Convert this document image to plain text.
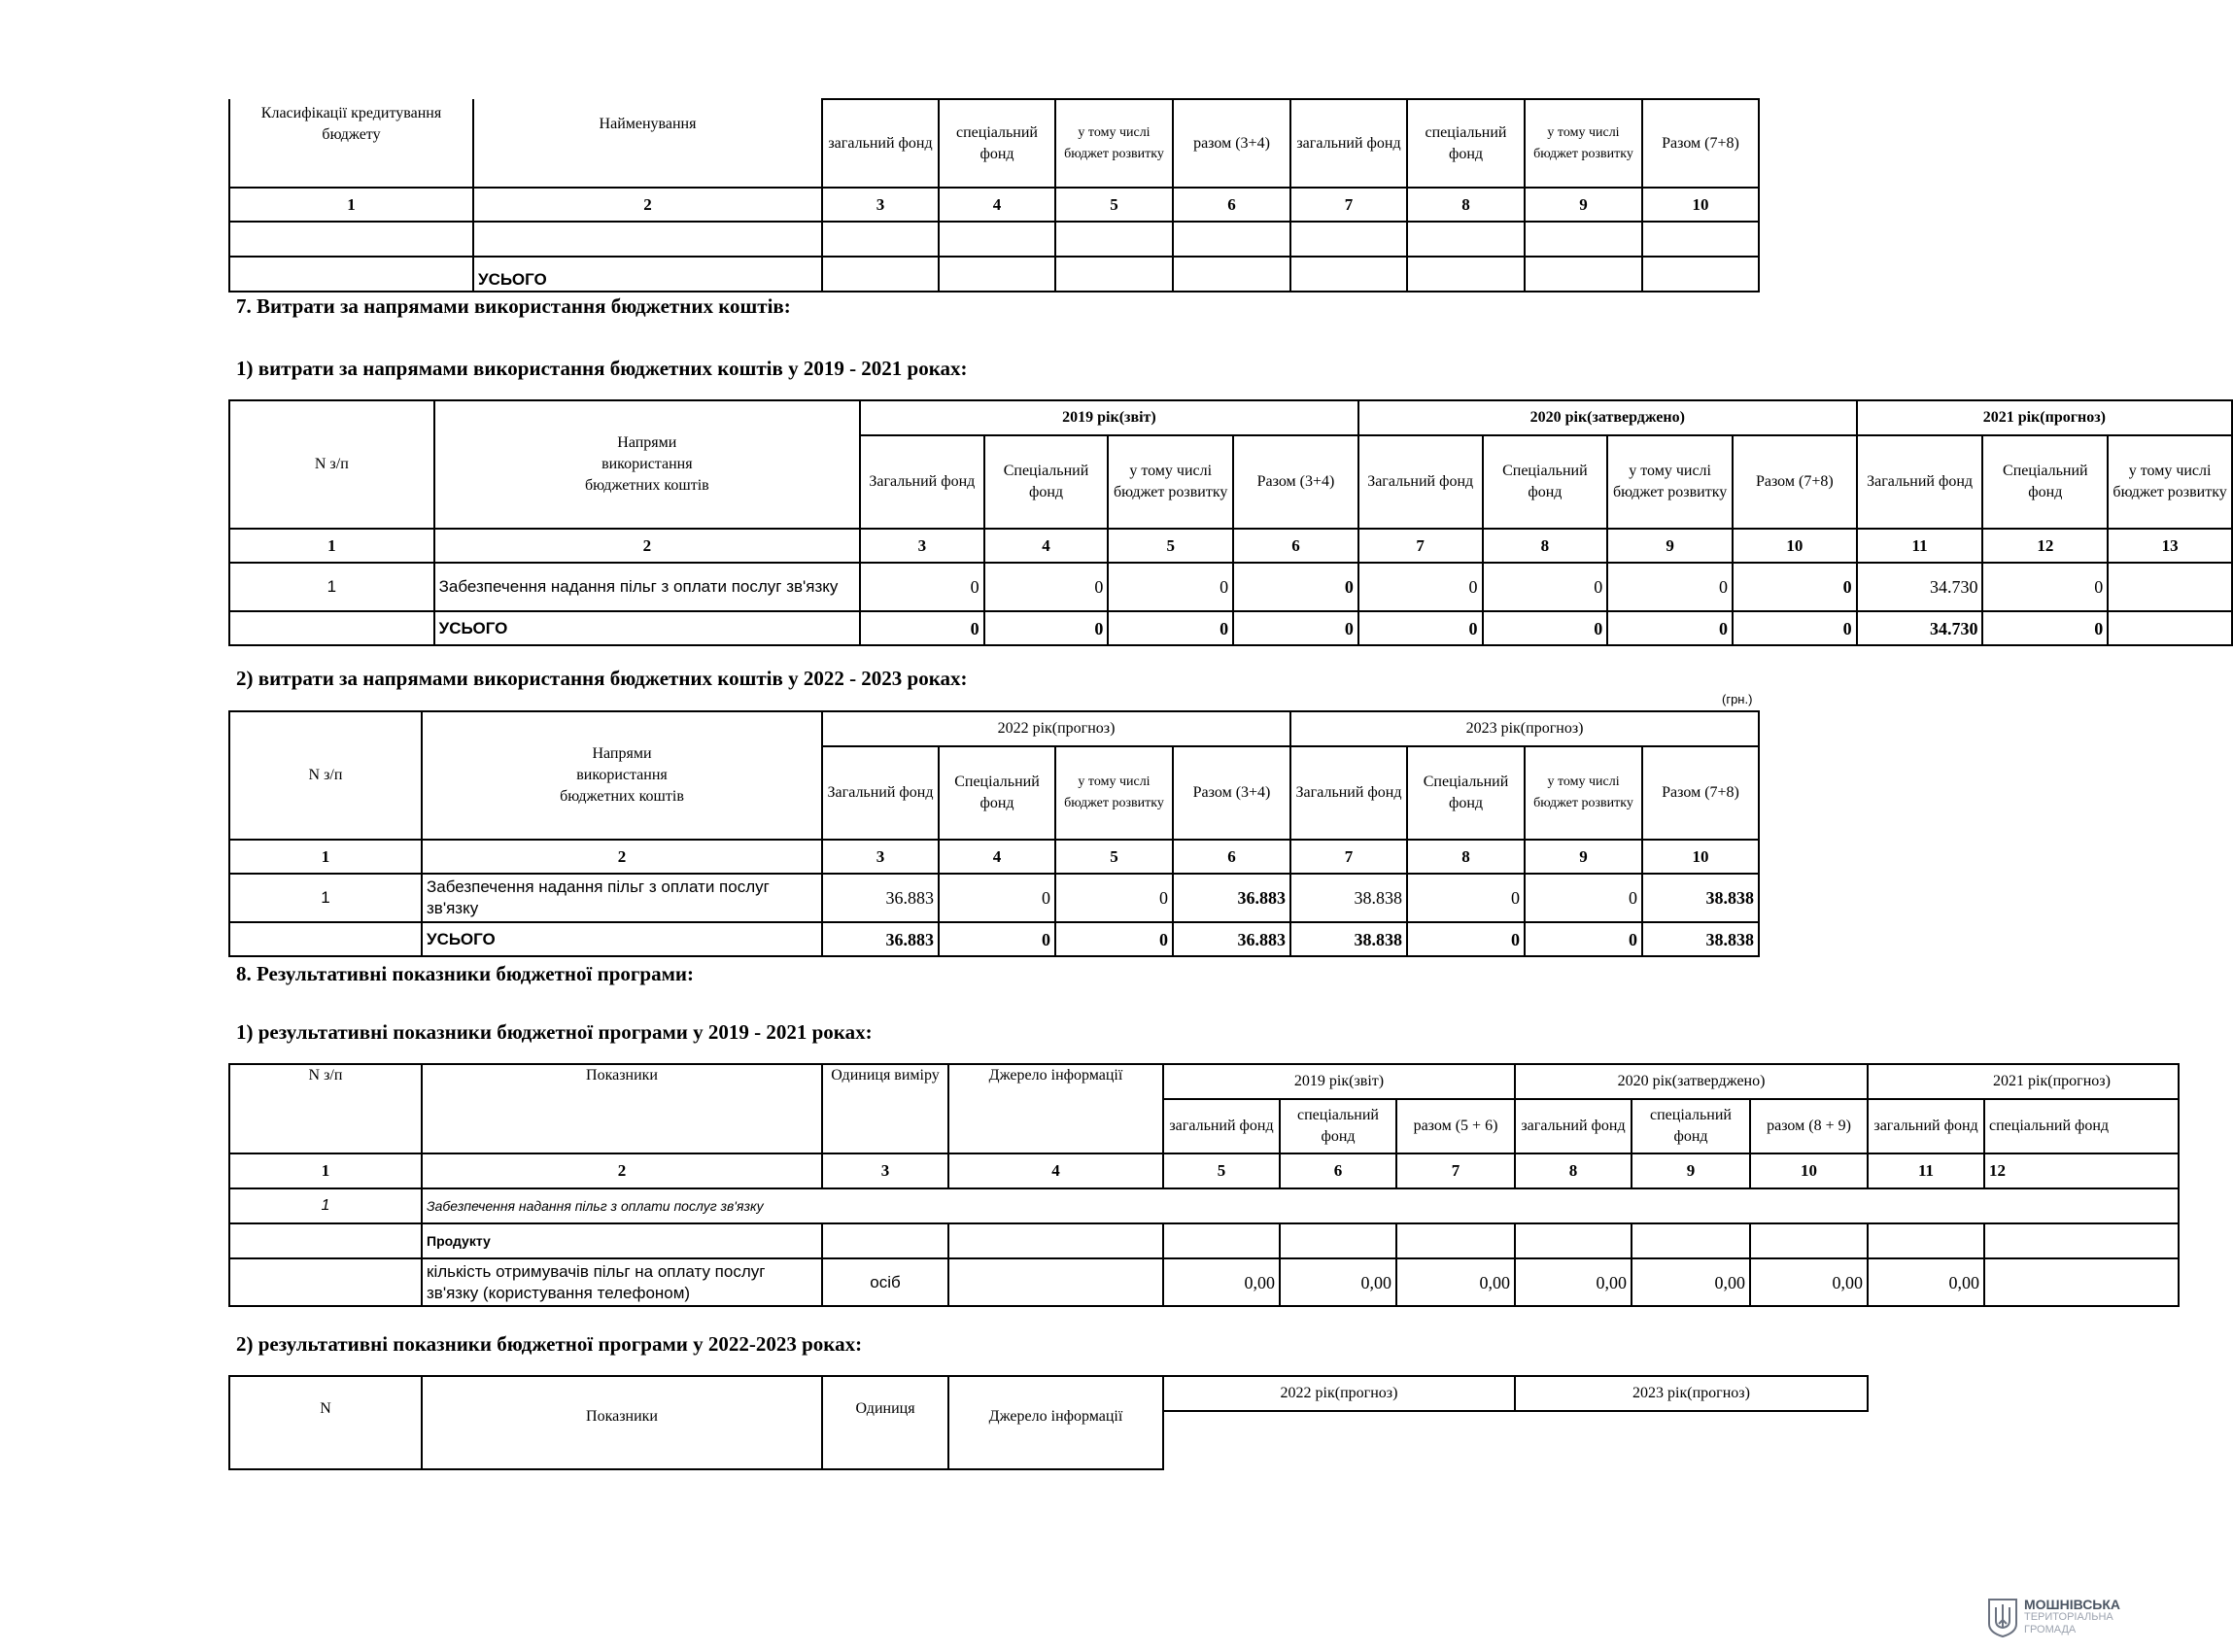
Класифікації кредитування бюджету	Найменування	загальний фонд	спеціальний фонд	у тому числі бюджет розвитку	разом (3+4)	загальний фонд	спеціальний фонд	у тому числі бюджет розвитку	Разом (7+8)
1	2	3	4	5	6	7	8	9	10

	УСЬОГО								
7. Витрати за напрямами використання бюджетних коштів:
1) витрати за напрямами використання бюджетних коштів у 2019 - 2021 роках:
N з/п	Напрями використання бюджетних коштів	2019 рік(звіт)				2020 рік(затверджено)				2021 рік(прогноз)		
		Загальний фонд	Спеціальний фонд	у тому числі бюджет розвитку	Разом (3+4)	Загальний фонд	Спеціальний фонд	у тому числі бюджет розвитку	Разом (7+8)	Загальний фонд	Спеціальний фонд	у тому числі бюджет розвитку
1	2	3	4	5	6	7	8	9	10	11	12	13
1	Забезпечення надання пільг з оплати послуг зв'язку	0	0	0	0	0	0	0	0	34.730	0	
	УСЬОГО	0	0	0	0	0	0	0	0	34.730	0	
2) витрати за напрямами використання бюджетних коштів у 2022 - 2023 роках:
(грн.)
N з/п	Напрями використання бюджетних коштів	2022 рік(прогноз)				2023 рік(прогноз)			
		Загальний фонд	Спеціальний фонд	у тому числі бюджет розвитку	Разом (3+4)	Загальний фонд	Спеціальний фонд	у тому числі бюджет розвитку	Разом (7+8)
1	2	3	4	5	6	7	8	9	10
1	Забезпечення надання пільг з оплати послуг зв'язку	36.883	0	0	36.883	38.838	0	0	38.838
	УСЬОГО	36.883	0	0	36.883	38.838	0	0	38.838
8. Результативні показники бюджетної програми:
1) результативні показники бюджетної програми у 2019 - 2021 роках:
N з/п	Показники	Одиниця виміру	Джерело інформації	2019 рік(звіт)			2020 рік(затверджено)			2021 рік(прогноз)	
				загальний фонд	спеціальний фонд	разом (5 + 6)	загальний фонд	спеціальний фонд	разом (8 + 9)	загальний фонд	спеціальний фонд
1	2	3	4	5	6	7	8	9	10	11	12
1	Забезпечення надання пільг з оплати послуг зв'язку										
	Продукту										
	кількість отримувачів пільг на оплату послуг зв'язку (користування телефоном)	осіб		0,00	0,00	0,00	0,00	0,00	0,00	0,00	
2) результативні показники бюджетної програми у 2022-2023 роках:
N	Показники	Одиниця	Джерело інформації	2022 рік(прогноз)	2023 рік(прогноз)

МОШНІВСЬКА
ТЕРИТОРІАЛЬНА
ГРОМАДА
